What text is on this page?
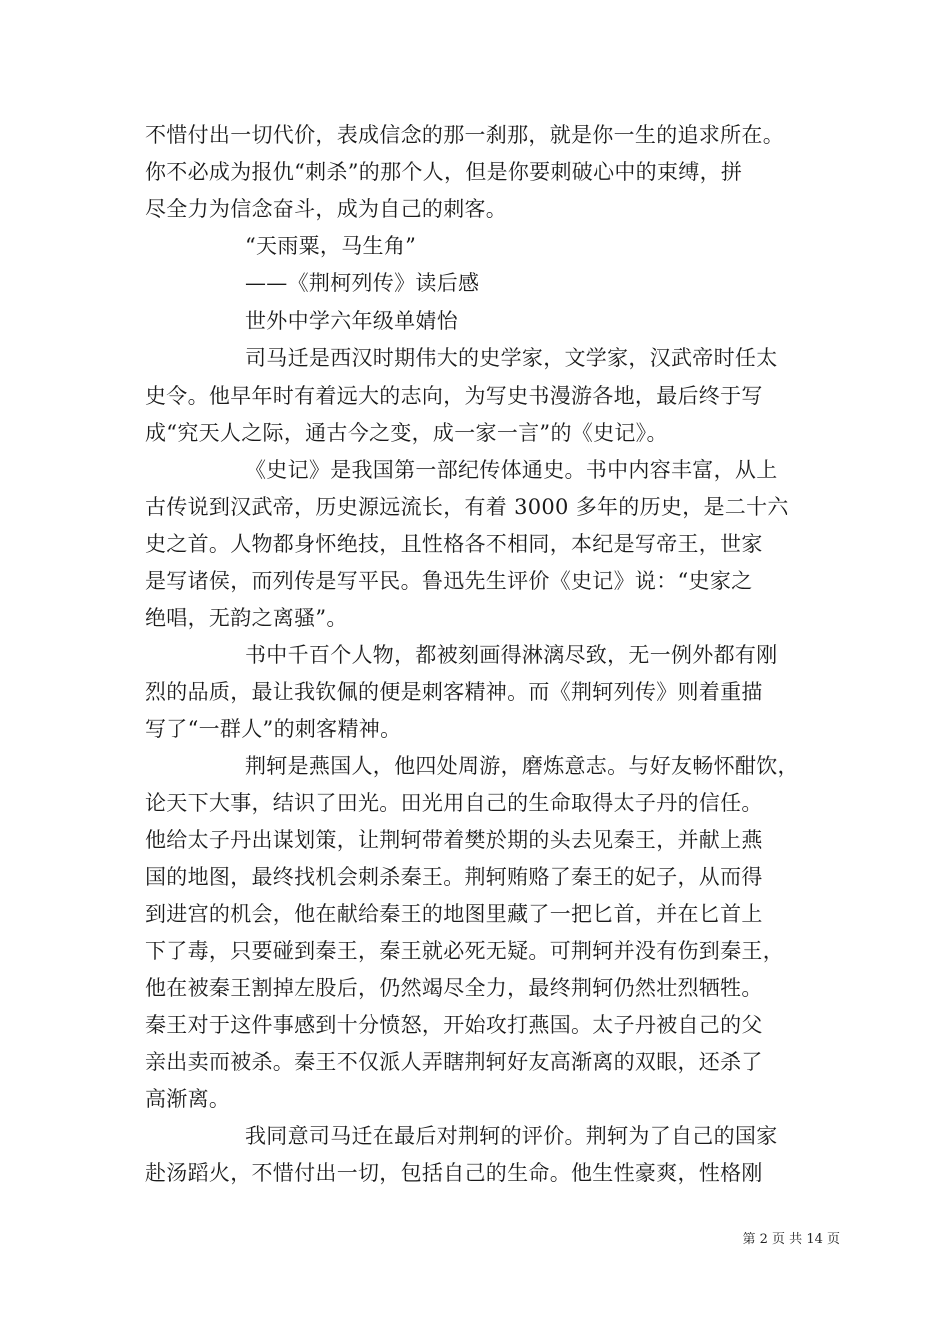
不惜付出一切代价，表成信念的那一刹那，就是你一生的追求所在。
你不必成为报仇“刺杀”的那个人，但是你要刺破心中的束缚，拼
尽全力为信念奋斗，成为自己的刺客。
“天雨粟，马生角”
——《荆柯列传》读后感
世外中学六年级单婧怡
司马迁是西汉时期伟大的史学家，文学家，汉武帝时任太
史令。他早年时有着远大的志向，为写史书漫游各地，最后终于写
成“究天人之际，通古今之变，成一家一言”的《史记》。
《史记》是我国第一部纪传体通史。书中内容丰富，从上
古传说到汉武帝，历史源远流长，有着 3000 多年的历史，是二十六
史之首。人物都身怀绝技，且性格各不相同，本纪是写帝王，世家
是写诸侯，而列传是写平民。鲁迅先生评价《史记》说：“史家之
绝唱，无韵之离骚”。
书中千百个人物，都被刻画得淋漓尽致，无一例外都有刚
烈的品质，最让我钦佩的便是刺客精神。而《荆轲列传》则着重描
写了“一群人”的刺客精神。
荆轲是燕国人，他四处周游，磨炼意志。与好友畅怀酣饮，
论天下大事，结识了田光。田光用自己的生命取得太子丹的信任。
他给太子丹出谋划策，让荆轲带着樊於期的头去见秦王，并献上燕
国的地图，最终找机会刺杀秦王。荆轲贿赂了秦王的妃子，从而得
到进宫的机会，他在献给秦王的地图里藏了一把匕首，并在匕首上
下了毒，只要碰到秦王，秦王就必死无疑。可荆轲并没有伤到秦王，
他在被秦王割掉左股后，仍然竭尽全力，最终荆轲仍然壮烈牺牲。
秦王对于这件事感到十分愤怒，开始攻打燕国。太子丹被自己的父
亲出卖而被杀。秦王不仅派人弄瞎荆轲好友高渐离的双眼，还杀了
高渐离。
我同意司马迁在最后对荆轲的评价。荆轲为了自己的国家
赴汤蹈火，不惜付出一切，包括自己的生命。他生性豪爽，性格刚
第 2 页 共 14 页
